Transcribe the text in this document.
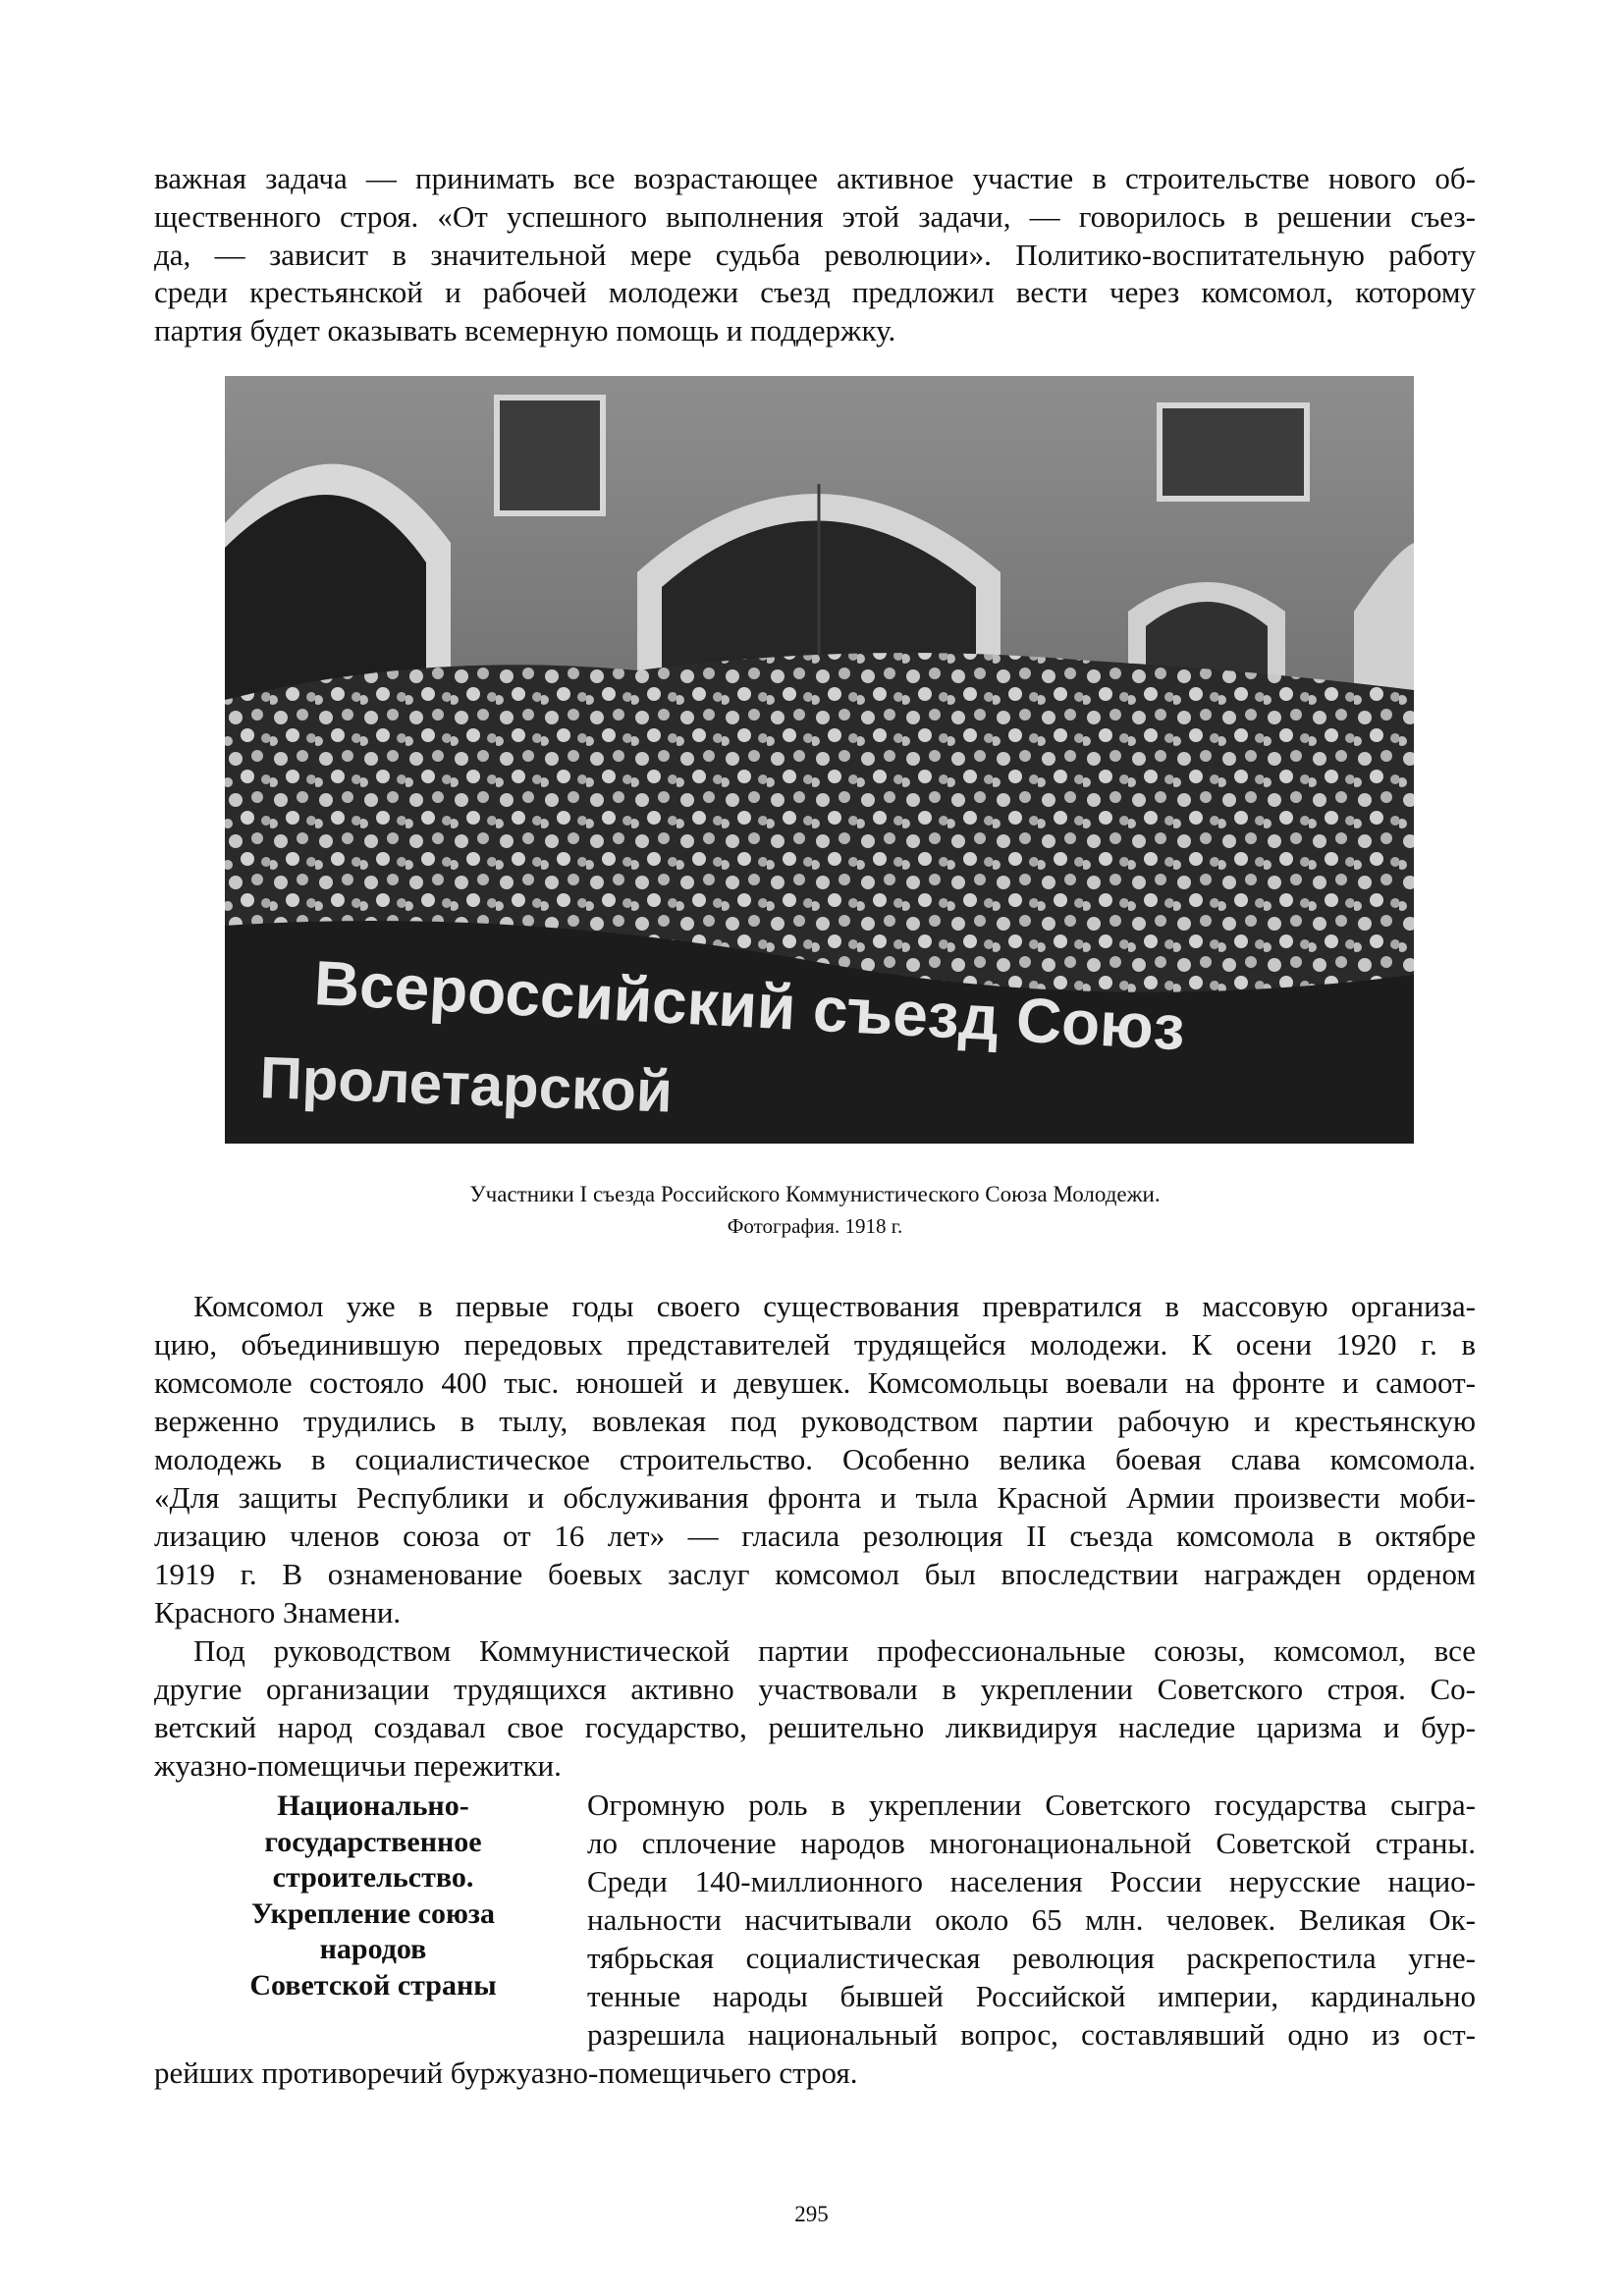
важная задача — принимать все возрастающее активное участие в строительстве нового об-
щественного строя. «От успешного выполнения этой задачи, — говорилось в решении съез-
да, — зависит в значительной мере судьба революции». Политико-воспитательную работу
среди крестьянской и рабочей молодежи съезд предложил вести через комсомол, которому
партия будет оказывать всемерную помощь и поддержку.
Всероссийский съезд Союз
Пролетарской
Участники I съезда Российского Коммунистического Союза Молодежи.
Фотография. 1918 г.
Комсомол уже в первые годы своего существования превратился в массовую организа-
цию, объединившую передовых представителей трудящейся молодежи. К осени 1920 г. в
комсомоле состояло 400 тыс. юношей и девушек. Комсомольцы воевали на фронте и самоот-
верженно трудились в тылу, вовлекая под руководством партии рабочую и крестьянскую
молодежь в социалистическое строительство. Особенно велика боевая слава комсомола.
«Для защиты Республики и обслуживания фронта и тыла Красной Армии произвести моби-
лизацию членов союза от 16 лет» — гласила резолюция II съезда комсомола в октябре
1919 г. В ознаменование боевых заслуг комсомол был впоследствии награжден орденом
Красного Знамени.
Под руководством Коммунистической партии профессиональные союзы, комсомол, все
другие организации трудящихся активно участвовали в укреплении Советского строя. Со-
ветский народ создавал свое государство, решительно ликвидируя наследие царизма и бур-
жуазно-помещичьи пережитки.
Национально-
государственное
строительство.
Укрепление союза
народов
Советской страны
Огромную роль в укреплении Советского государства сыгра-
ло сплочение народов многонациональной Советской страны.
Среди 140-миллионного населения России нерусские нацио-
нальности насчитывали около 65 млн. человек. Великая Ок-
тябрьская социалистическая революция раскрепостила угне-
тенные народы бывшей Российской империи, кардинально
разрешила национальный вопрос, составлявший одно из ост-
рейших противоречий буржуазно-помещичьего строя.
295
